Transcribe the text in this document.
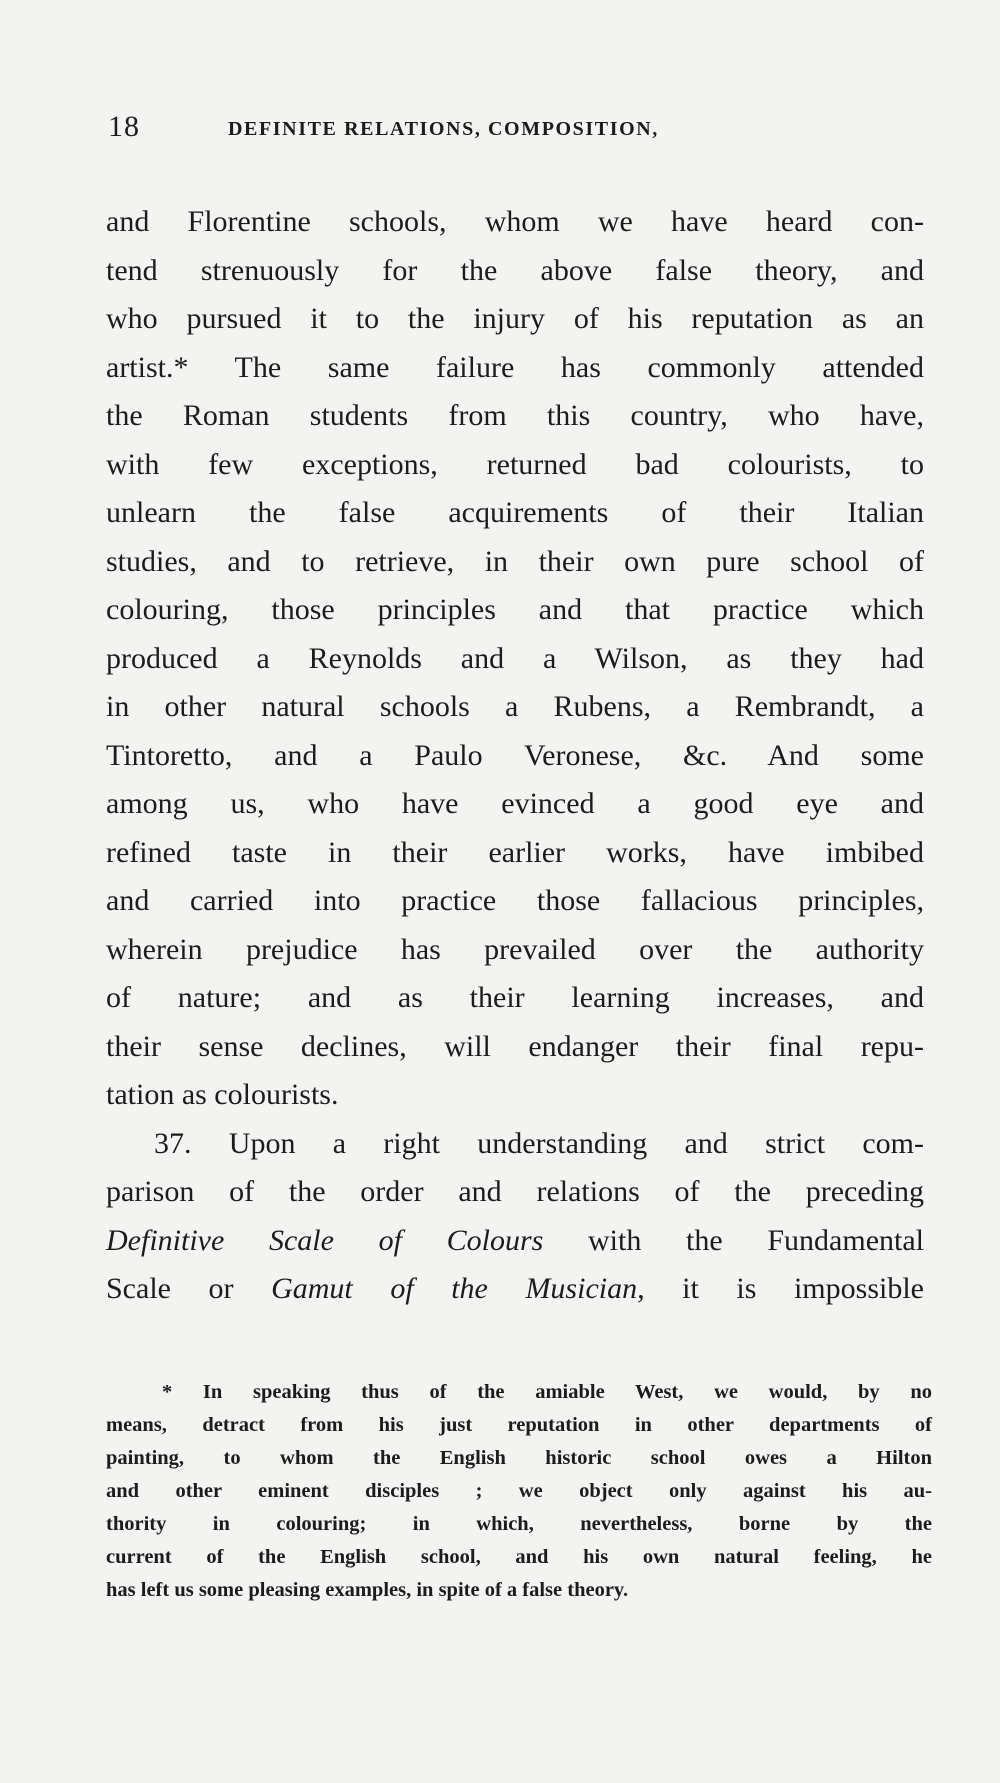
18	DEFINITE RELATIONS, COMPOSITION,
and Florentine schools, whom we have heard con-
tend strenuously for the above false theory, and
who pursued it to the injury of his reputation as an
artist.* The same failure has commonly attended
the Roman students from this country, who have,
with few exceptions, returned bad colourists, to
unlearn the false acquirements of their Italian
studies, and to retrieve, in their own pure school of
colouring, those principles and that practice which
produced a Reynolds and a Wilson, as they had
in other natural schools a Rubens, a Rembrandt, a
Tintoretto, and a Paulo Veronese, &c. And some
among us, who have evinced a good eye and
refined taste in their earlier works, have imbibed
and carried into practice those fallacious principles,
wherein prejudice has prevailed over the authority
of nature; and as their learning increases, and
their sense declines, will endanger their final repu-
tation as colourists.
37. Upon a right understanding and strict com-
parison of the order and relations of the preceding
Definitive Scale of Colours with the Fundamental
Scale or Gamut of the Musician, it is impossible
* In speaking thus of the amiable West, we would, by no
means, detract from his just reputation in other departments of
painting, to whom the English historic school owes a Hilton
and other eminent disciples ; we object only against his au-
thority in colouring; in which, nevertheless, borne by the
current of the English school, and his own natural feeling, he
has left us some pleasing examples, in spite of a false theory.
